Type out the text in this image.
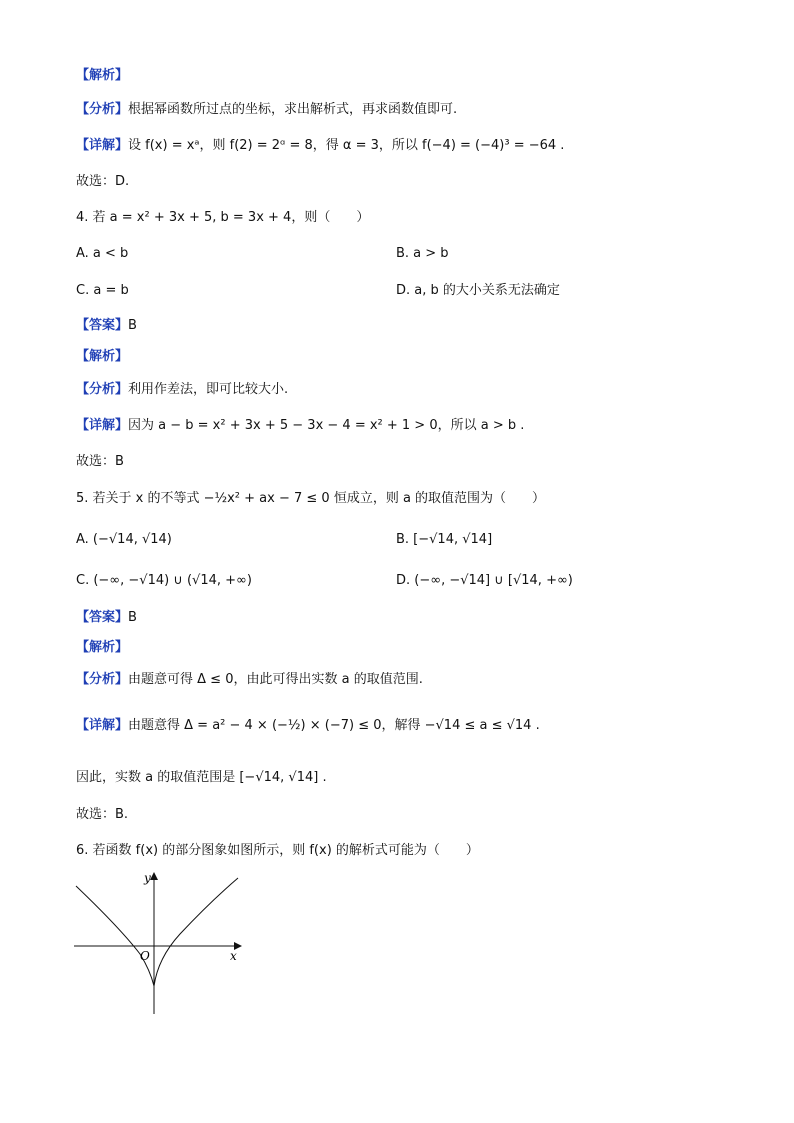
【解析】
【分析】根据幂函数所过点的坐标，求出解析式，再求函数值即可.
【详解】设 f(x) = xᵃ，则 f(2) = 2ᵅ = 8，得 α = 3，所以 f(−4) = (−4)³ = −64 .
故选：D.
4. 若 a = x² + 3x + 5, b = 3x + 4，则（　　）
A. a < b	B. a > b
C. a = b	D. a, b 的大小关系无法确定
【答案】B
【解析】
【分析】利用作差法，即可比较大小.
【详解】因为 a − b = x² + 3x + 5 − 3x − 4 = x² + 1 > 0，所以 a > b .
故选：B
5. 若关于 x 的不等式 −½x² + ax − 7 ≤ 0 恒成立，则 a 的取值范围为（　　）
A. (−√14, √14)	B. [−√14, √14]
C. (−∞, −√14) ∪ (√14, +∞)	D. (−∞, −√14] ∪ [√14, +∞)
【答案】B
【解析】
【分析】由题意可得 Δ ≤ 0，由此可得出实数 a 的取值范围.
【详解】由题意得 Δ = a² − 4 × (−½) × (−7) ≤ 0，解得 −√14 ≤ a ≤ √14 .
因此，实数 a 的取值范围是 [−√14, √14] .
故选：B.
6. 若函数 f(x) 的部分图象如图所示，则 f(x) 的解析式可能为（　　）
y
x
O
